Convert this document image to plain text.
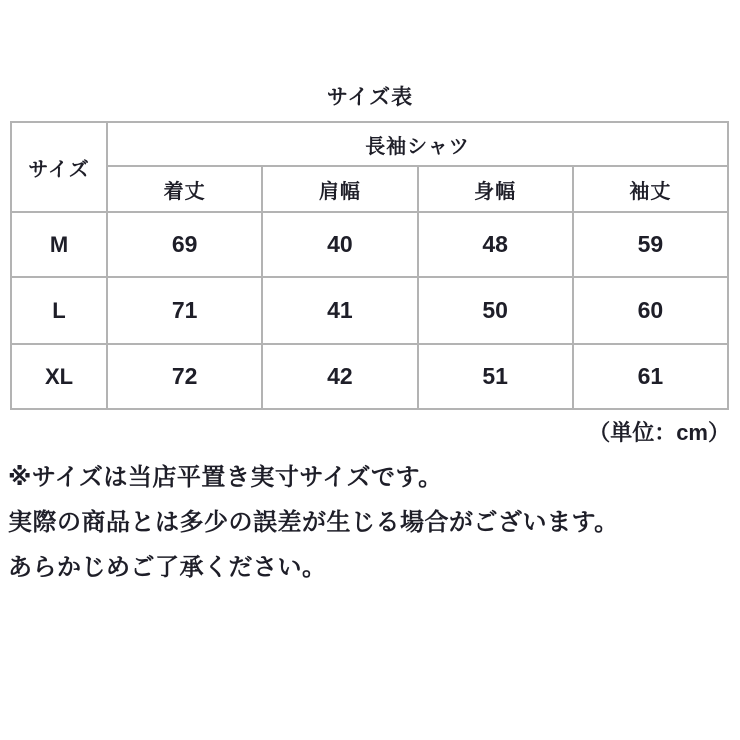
サイズ表
サイズ	長袖シャツ			
	着丈	肩幅	身幅	袖丈
M	69	40	48	59
L	71	41	50	60
XL	72	42	51	61
（単位：cm）
※サイズは当店平置き実寸サイズです。
実際の商品とは多少の誤差が生じる場合がございます。
あらかじめご了承ください。
